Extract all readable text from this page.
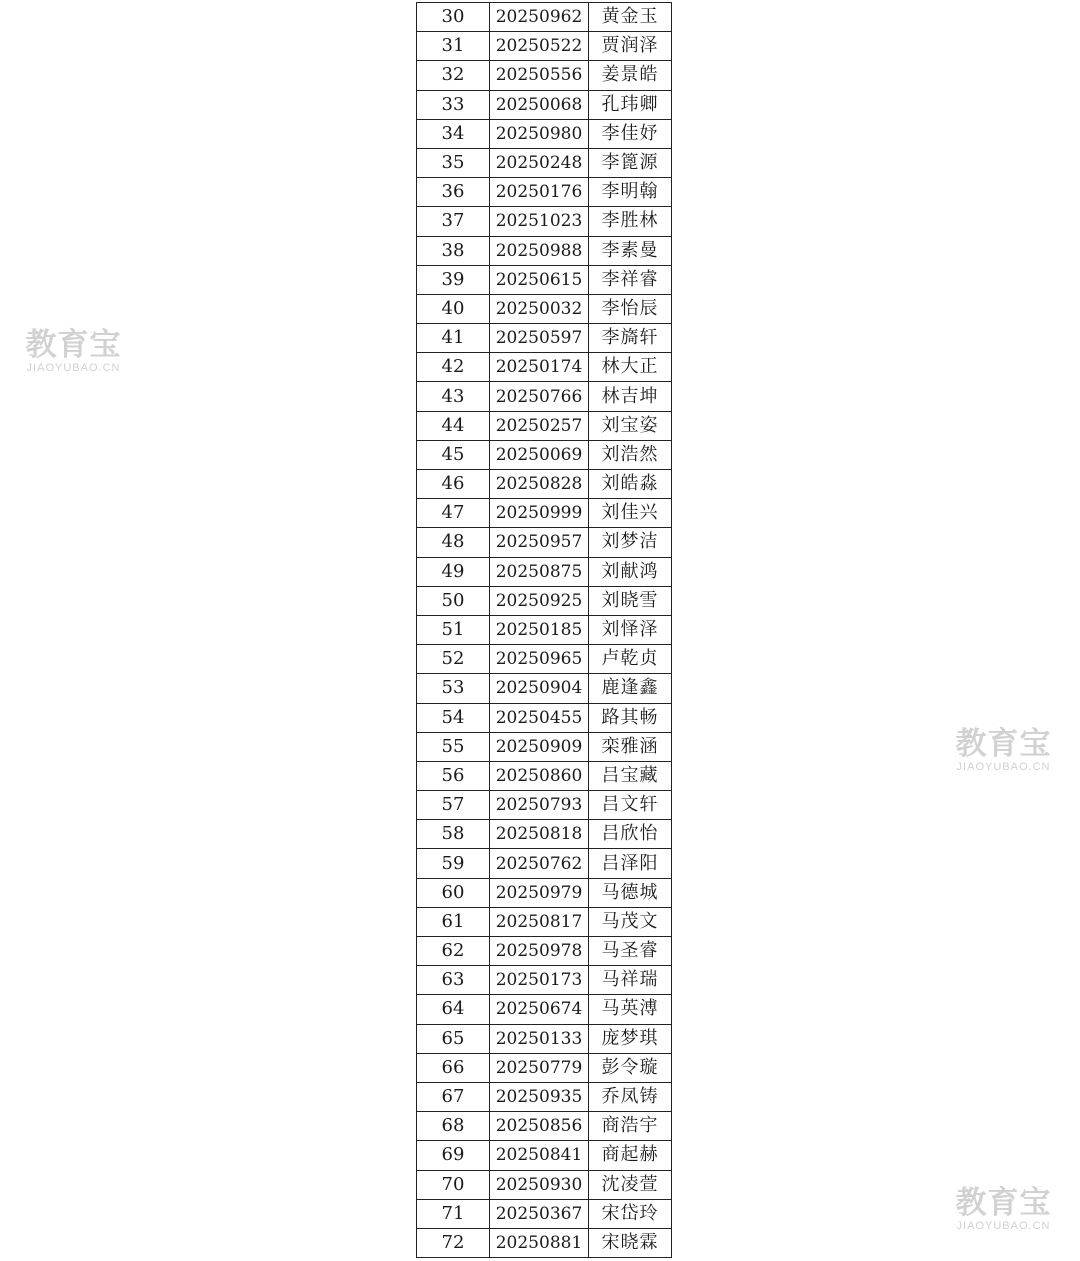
30	20250962	黄金玉
31	20250522	贾润泽
32	20250556	姜景皓
33	20250068	孔玮卿
34	20250980	李佳妤
35	20250248	李篦源
36	20250176	李明翰
37	20251023	李胜林
38	20250988	李素曼
39	20250615	李祥睿
40	20250032	李怡辰
41	20250597	李旖轩
42	20250174	林大正
43	20250766	林吉坤
44	20250257	刘宝姿
45	20250069	刘浩然
46	20250828	刘皓淼
47	20250999	刘佳兴
48	20250957	刘梦洁
49	20250875	刘献鸿
50	20250925	刘晓雪
51	20250185	刘怿泽
52	20250965	卢乾贞
53	20250904	鹿逢鑫
54	20250455	路其畅
55	20250909	栾雅涵
56	20250860	吕宝藏
57	20250793	吕文轩
58	20250818	吕欣怡
59	20250762	吕泽阳
60	20250979	马德城
61	20250817	马茂文
62	20250978	马圣睿
63	20250173	马祥瑞
64	20250674	马英溥
65	20250133	庞梦琪
66	20250779	彭令璇
67	20250935	乔凤铸
68	20250856	商浩宇
69	20250841	商起赫
70	20250930	沈凌萱
71	20250367	宋岱玲
72	20250881	宋晓霖
教育宝
JIAOYUBAO.CN
教育宝
JIAOYUBAO.CN
教育宝
JIAOYUBAO.CN
